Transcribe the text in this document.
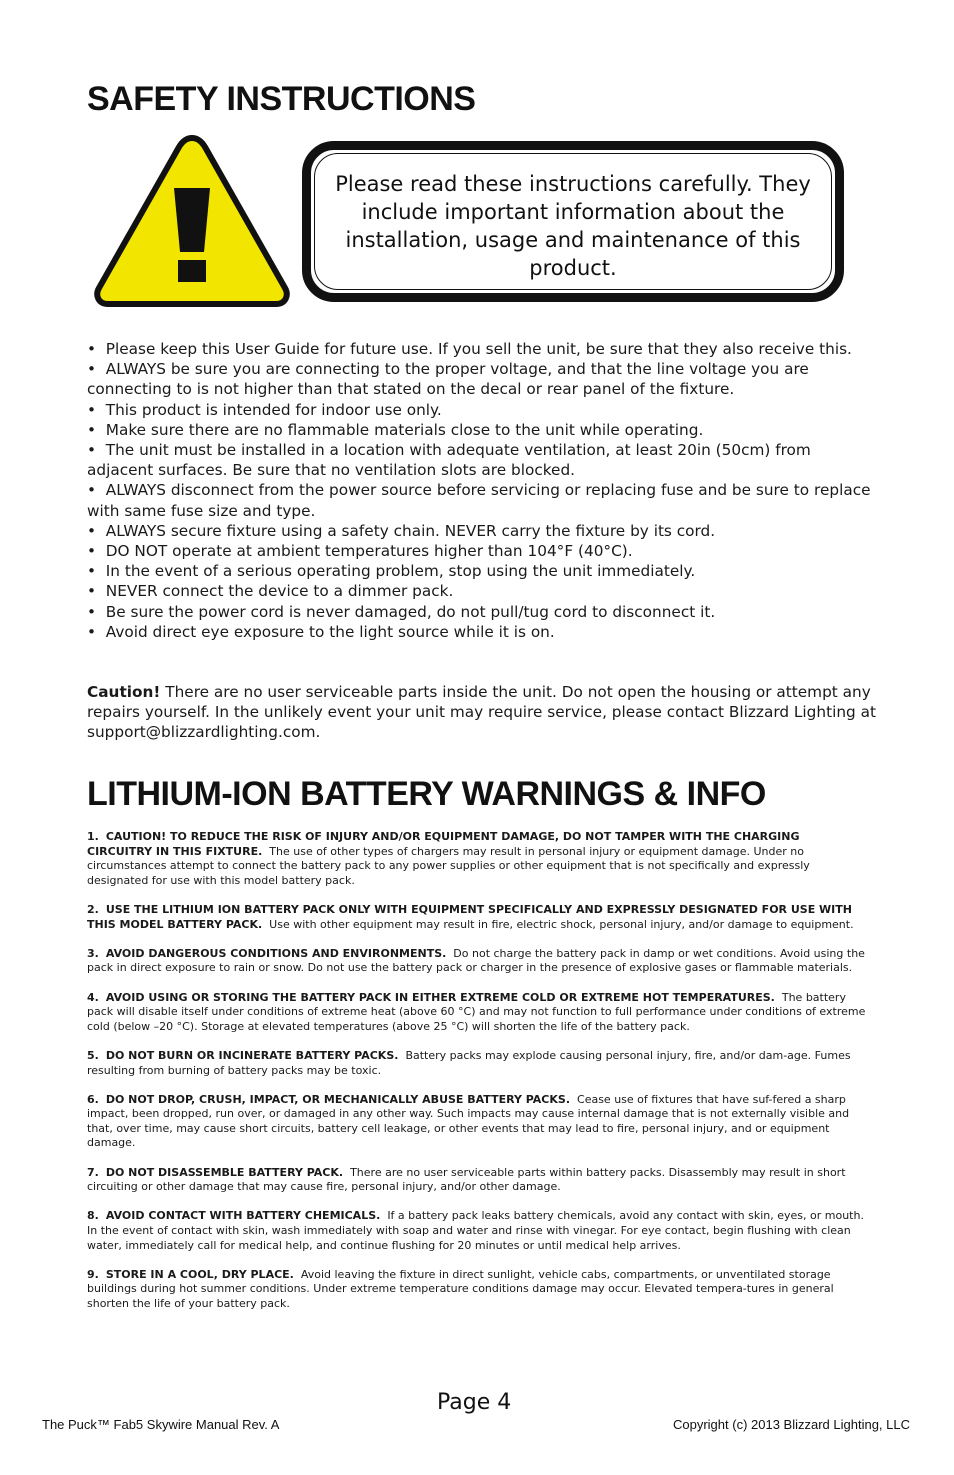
SAFETY INSTRUCTIONS

Please read these instructions carefully. They include important information about the installation, usage and maintenance of this product.

•  Please keep this User Guide for future use. If you sell the unit, be sure that they also receive this.
•  ALWAYS be sure you are connecting to the proper voltage, and that the line voltage you are connecting to is not higher than that stated on the decal or rear panel of the fixture.
•  This product is intended for indoor use only.
•  Make sure there are no flammable materials close to the unit while operating.
•  The unit must be installed in a location with adequate ventilation, at least 20in (50cm) from adjacent surfaces. Be sure that no ventilation slots are blocked.
•  ALWAYS disconnect from the power source before servicing or replacing fuse and be sure to replace with same fuse size and type.
•  ALWAYS secure fixture using a safety chain. NEVER carry the fixture by its cord.
•  DO NOT operate at ambient temperatures higher than 104°F (40°C).
•  In the event of a serious operating problem, stop using the unit immediately.
•  NEVER connect the device to a dimmer pack.
•  Be sure the power cord is never damaged, do not pull/tug cord to disconnect it.
•  Avoid direct eye exposure to the light source while it is on.

Caution! There are no user serviceable parts inside the unit. Do not open the housing or attempt any repairs yourself. In the unlikely event your unit may require service, please contact Blizzard Lighting at support@blizzardlighting.com.

LITHIUM-ION BATTERY WARNINGS & INFO
1. CAUTION! TO REDUCE THE RISK OF INJURY AND/OR EQUIPMENT DAMAGE, DO NOT TAMPER WITH THE CHARGING CIRCUITRY IN THIS FIXTURE. The use of other types of chargers may result in personal injury or equipment damage. Under no circumstances attempt to connect the battery pack to any power supplies or other equipment that is not specifically and expressly designated for use with this model battery pack.
2. USE THE LITHIUM ION BATTERY PACK ONLY WITH EQUIPMENT SPECIFICALLY AND EXPRESSLY DESIGNATED FOR USE WITH THIS MODEL BATTERY PACK. Use with other equipment may result in fire, electric shock, personal injury, and/or damage to equipment.
3. AVOID DANGEROUS CONDITIONS AND ENVIRONMENTS. Do not charge the battery pack in damp or wet conditions. Avoid using the pack in direct exposure to rain or snow. Do not use the battery pack or charger in the presence of explosive gases or flammable materials.
4. AVOID USING OR STORING THE BATTERY PACK IN EITHER EXTREME COLD OR EXTREME HOT TEMPERATURES. The battery pack will disable itself under conditions of extreme heat (above 60 °C) and may not function to full performance under conditions of extreme cold (below –20 °C). Storage at elevated temperatures (above 25 °C) will shorten the life of the battery pack.
5. DO NOT BURN OR INCINERATE BATTERY PACKS. Battery packs may explode causing personal injury, fire, and/or dam-age. Fumes resulting from burning of battery packs may be toxic.
6. DO NOT DROP, CRUSH, IMPACT, OR MECHANICALLY ABUSE BATTERY PACKS. Cease use of fixtures that have suf-fered a sharp impact, been dropped, run over, or damaged in any other way. Such impacts may cause internal damage that is not externally visible and that, over time, may cause short circuits, battery cell leakage, or other events that may lead to fire, personal injury, and or equipment damage.
7. DO NOT DISASSEMBLE BATTERY PACK. There are no user serviceable parts within battery packs. Disassembly may result in short circuiting or other damage that may cause fire, personal injury, and/or other damage.
8. AVOID CONTACT WITH BATTERY CHEMICALS. If a battery pack leaks battery chemicals, avoid any contact with skin, eyes, or mouth. In the event of contact with skin, wash immediately with soap and water and rinse with vinegar. For eye contact, begin flushing with clean water, immediately call for medical help, and continue flushing for 20 minutes or until medical help arrives.
9. STORE IN A COOL, DRY PLACE. Avoid leaving the fixture in direct sunlight, vehicle cabs, compartments, or unventilated storage buildings during hot summer conditions. Under extreme temperature conditions damage may occur. Elevated tempera-tures in general shorten the life of your battery pack.

Page 4

The Puck™ Fab5 Skywire Manual Rev. A	Copyright (c) 2013 Blizzard Lighting, LLC
